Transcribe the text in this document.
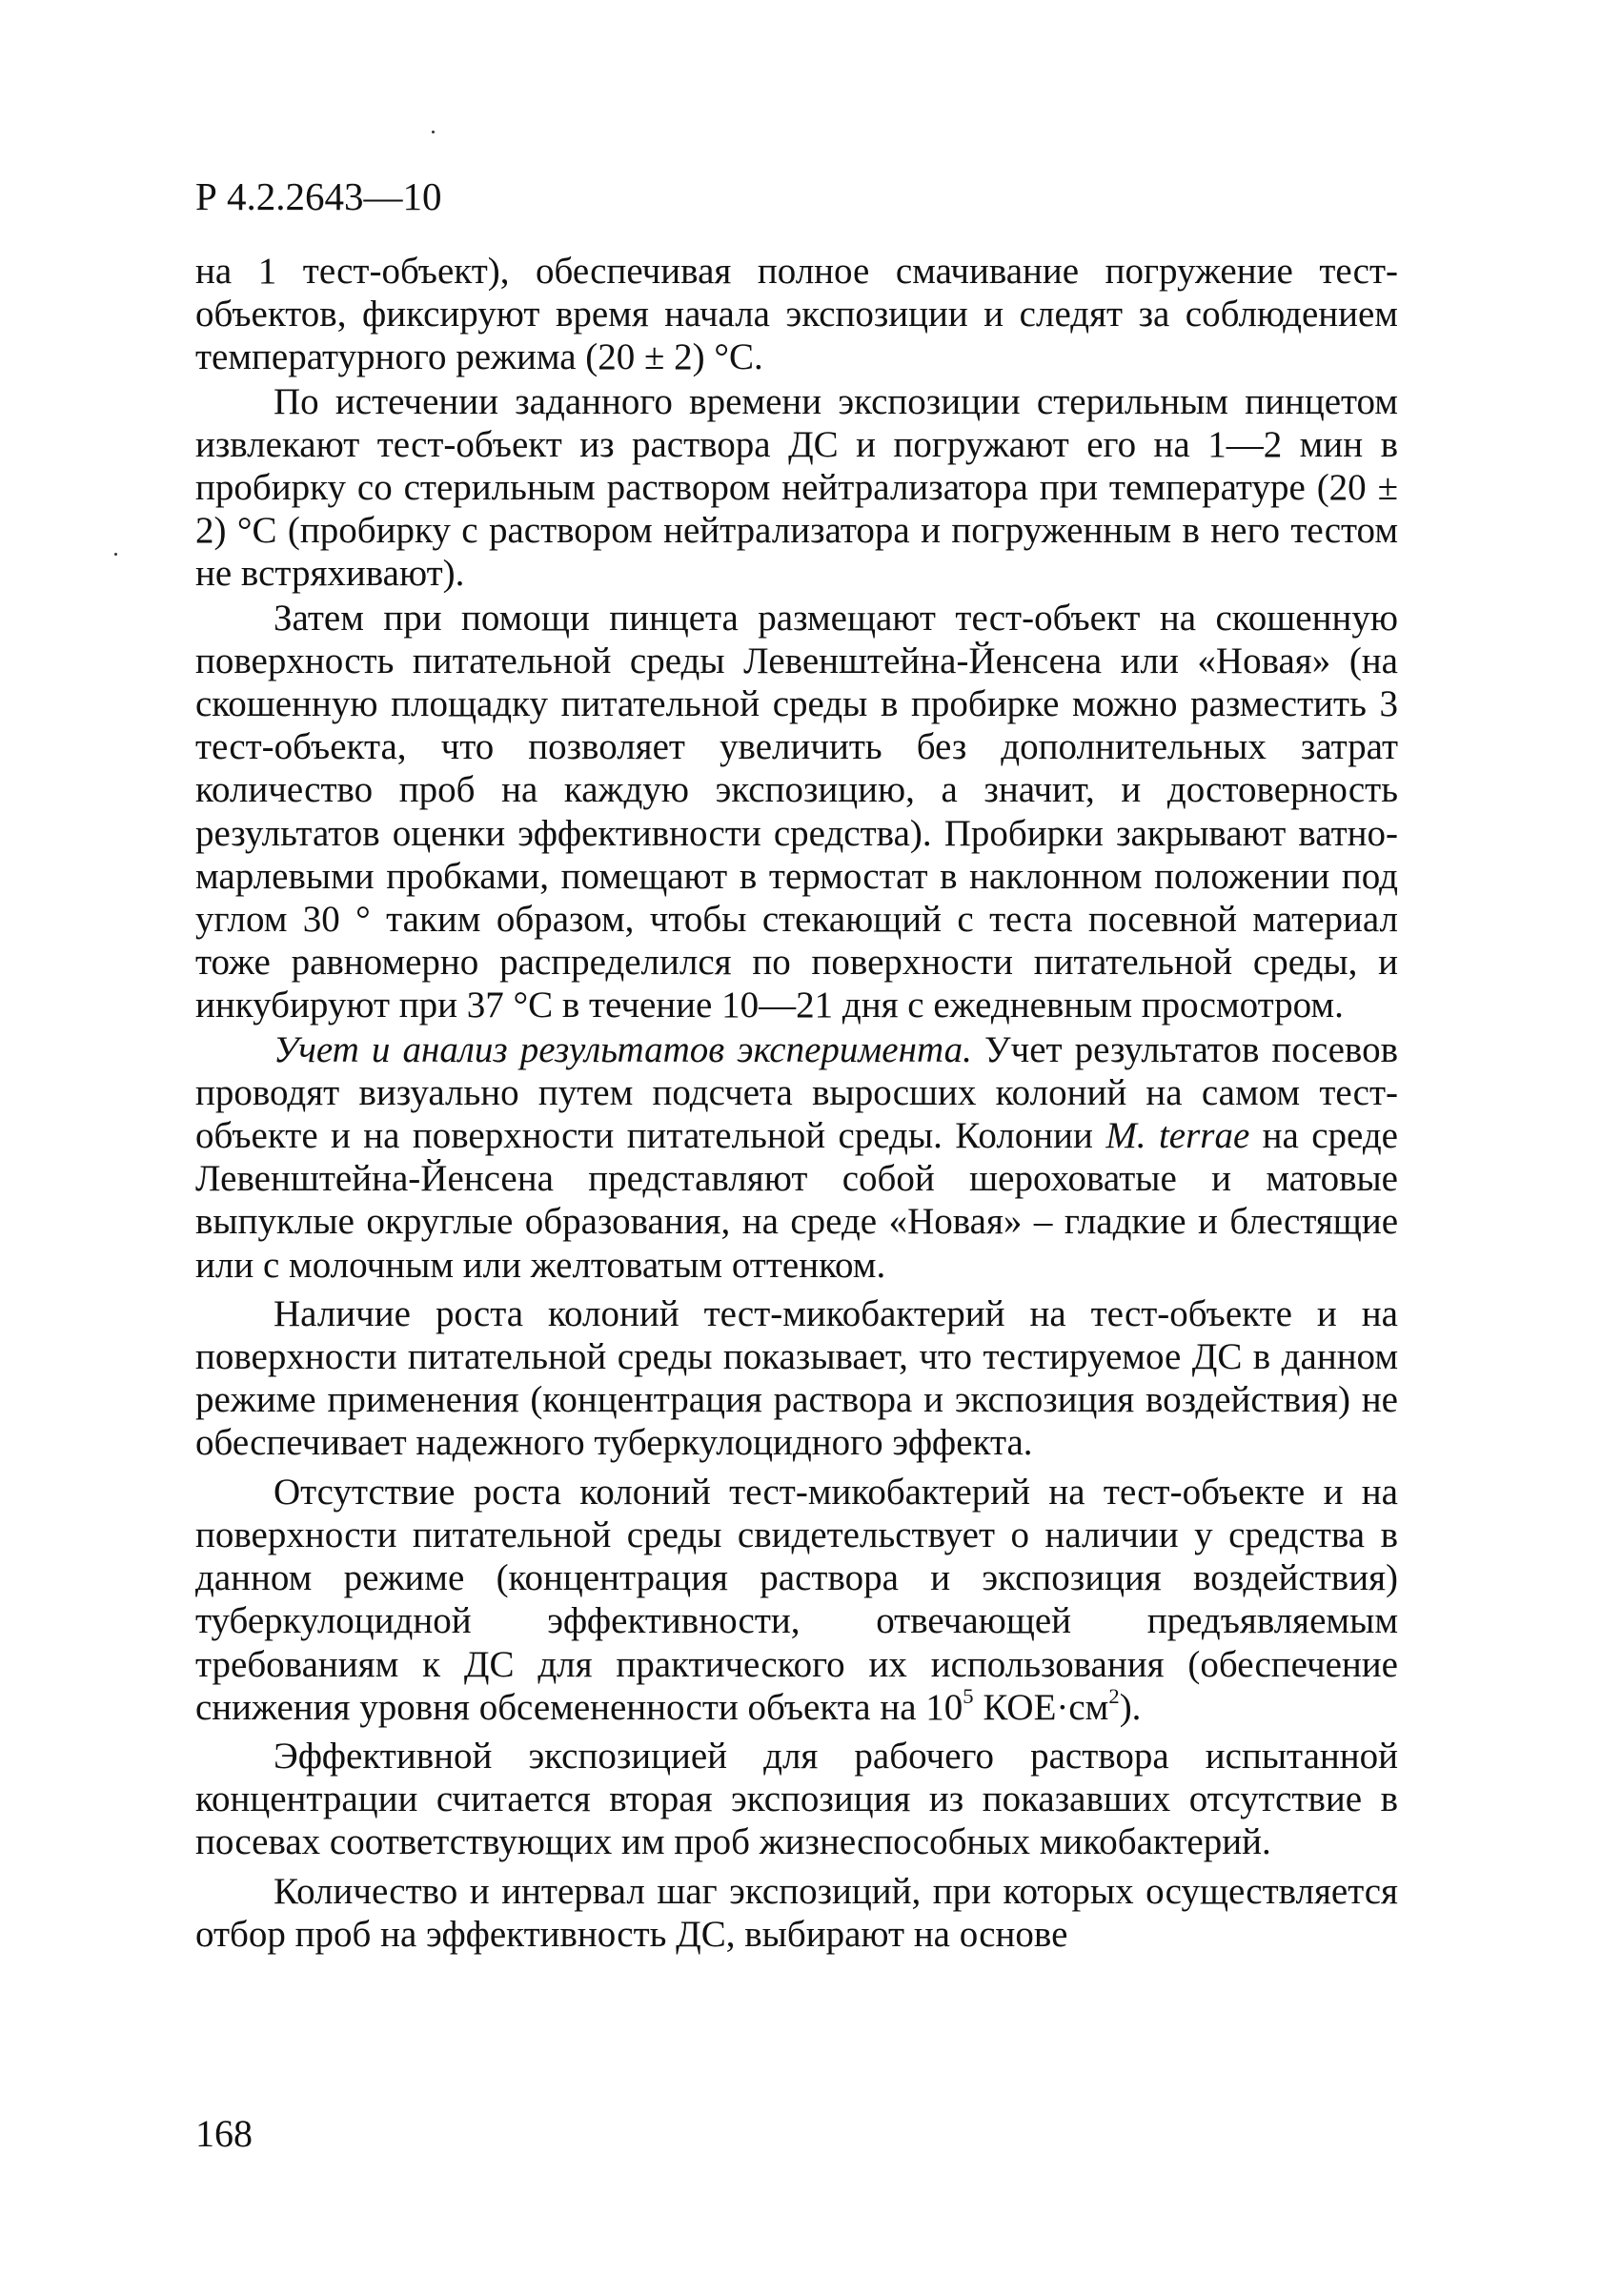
Р 4.2.2643—10

на 1 тест-объект), обеспечивая полное смачивание погружение тест-объектов, фиксируют время начала экспозиции и следят за соблюдением температурного режима (20 ± 2) °С.

По истечении заданного времени экспозиции стерильным пинцетом извлекают тест-объект из раствора ДС и погружают его на 1—2 мин в пробирку со стерильным раствором нейтрализатора при температуре (20 ± 2) °С (пробирку с раствором нейтрализатора и погруженным в него тестом не встряхивают).

Затем при помощи пинцета размещают тест-объект на скошенную поверхность питательной среды Левенштейна-Йенсена или «Новая» (на скошенную площадку питательной среды в пробирке можно разместить 3 тест-объекта, что позволяет увеличить без дополнительных затрат количество проб на каждую экспозицию, а значит, и достоверность результатов оценки эффективности средства). Пробирки закрывают ватно-марлевыми пробками, помещают в термостат в наклонном положении под углом 30 ° таким образом, чтобы стекающий с теста посевной материал тоже равномерно распределился по поверхности питательной среды, и инкубируют при 37 °С в течение 10—21 дня с ежедневным просмотром.

Учет и анализ результатов эксперимента. Учет результатов посевов проводят визуально путем подсчета выросших колоний на самом тест-объекте и на поверхности питательной среды. Колонии M. terrae на среде Левенштейна-Йенсена представляют собой шероховатые и матовые выпуклые округлые образования, на среде «Новая» – гладкие и блестящие или с молочным или желтоватым оттенком.

Наличие роста колоний тест-микобактерий на тест-объекте и на поверхности питательной среды показывает, что тестируемое ДС в данном режиме применения (концентрация раствора и экспозиция воздействия) не обеспечивает надежного туберкулоцидного эффекта.

Отсутствие роста колоний тест-микобактерий на тест-объекте и на поверхности питательной среды свидетельствует о наличии у средства в данном режиме (концентрация раствора и экспозиция воздействия) туберкулоцидной эффективности, отвечающей предъявляемым требованиям к ДС для практического их использования (обеспечение снижения уровня обсемененности объекта на $10^5$ $КОЕ\cdot см^2$).

Эффективной экспозицией для рабочего раствора испытанной концентрации считается вторая экспозиция из показавших отсутствие в посевах соответствующих им проб жизнеспособных микобактерий.

Количество и интервал шаг экспозиций, при которых осуществляется отбор проб на эффективность ДС, выбирают на основе

168
